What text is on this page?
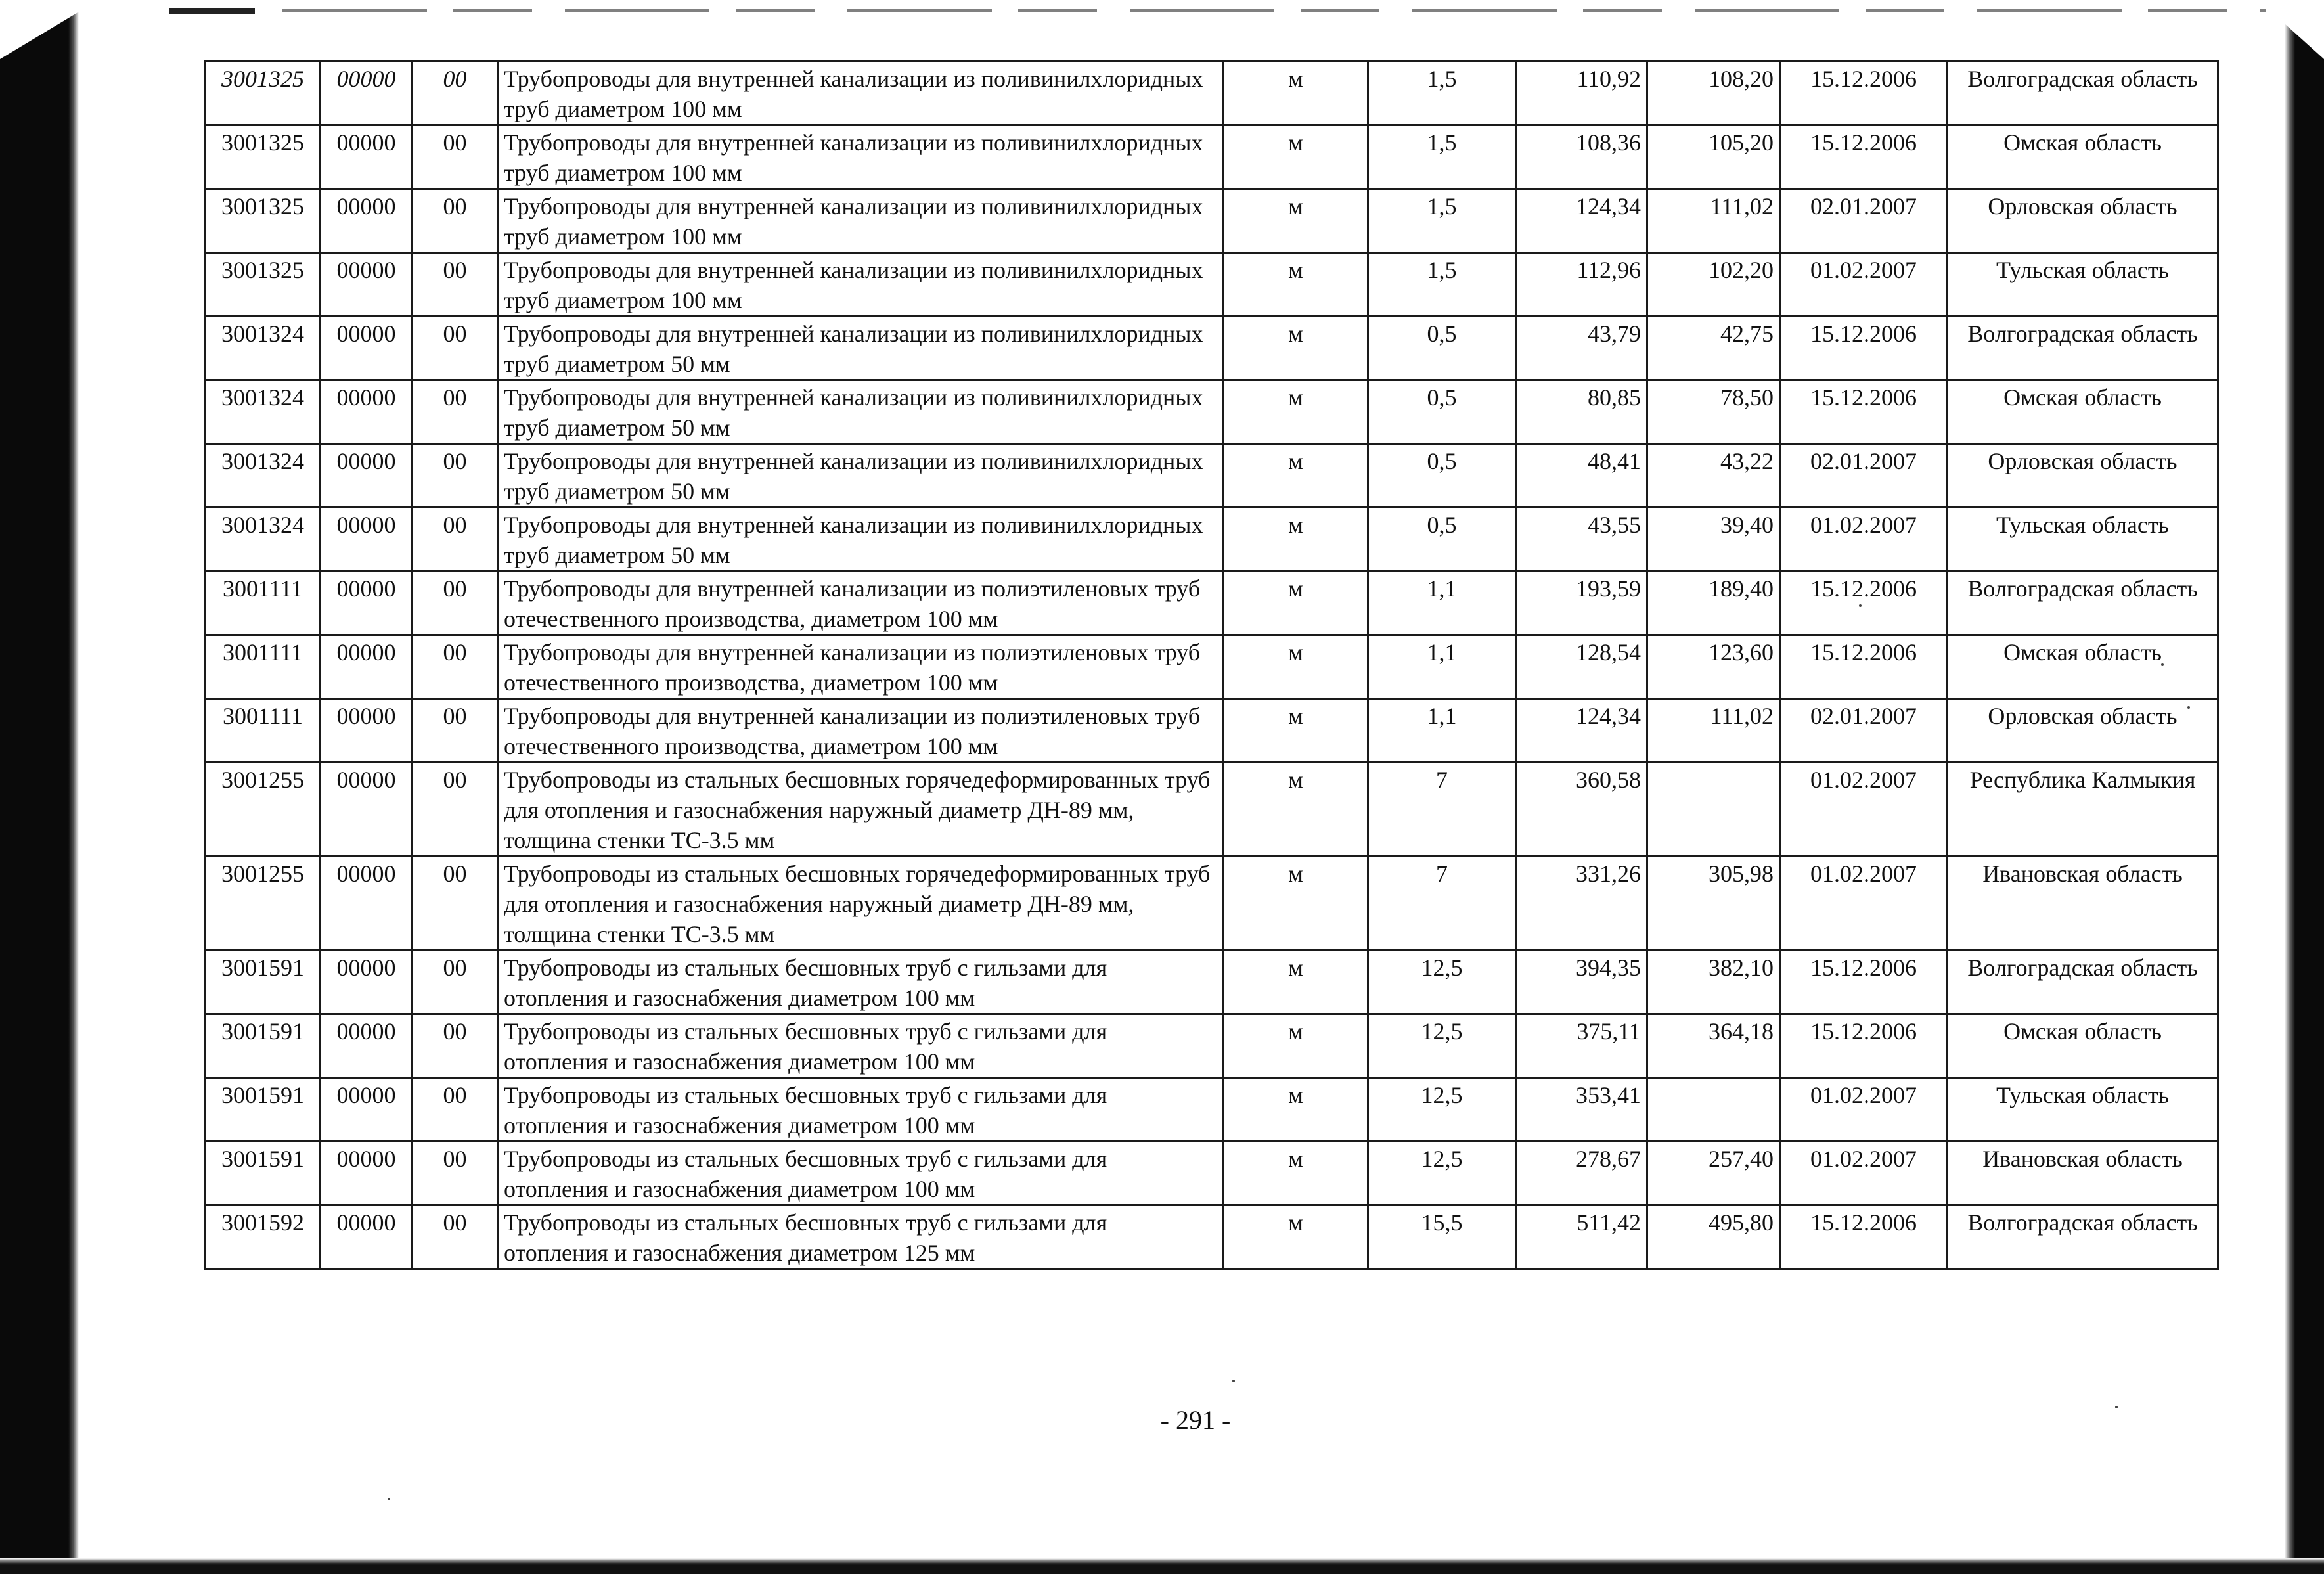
3001325	00000	00	Трубопроводы для внутренней канализации из поливинилхлоридных труб диаметром 100 мм	м	1,5	110,92	108,20	15.12.2006	Волгоградская область
3001325	00000	00	Трубопроводы для внутренней канализации из поливинилхлоридных труб диаметром 100 мм	м	1,5	108,36	105,20	15.12.2006	Омская область
3001325	00000	00	Трубопроводы для внутренней канализации из поливинилхлоридных труб диаметром 100 мм	м	1,5	124,34	111,02	02.01.2007	Орловская область
3001325	00000	00	Трубопроводы для внутренней канализации из поливинилхлоридных труб диаметром 100 мм	м	1,5	112,96	102,20	01.02.2007	Тульская область
3001324	00000	00	Трубопроводы для внутренней канализации из поливинилхлоридных труб диаметром 50 мм	м	0,5	43,79	42,75	15.12.2006	Волгоградская область
3001324	00000	00	Трубопроводы для внутренней канализации из поливинилхлоридных труб диаметром 50 мм	м	0,5	80,85	78,50	15.12.2006	Омская область
3001324	00000	00	Трубопроводы для внутренней канализации из поливинилхлоридных труб диаметром 50 мм	м	0,5	48,41	43,22	02.01.2007	Орловская область
3001324	00000	00	Трубопроводы для внутренней канализации из поливинилхлоридных труб диаметром 50 мм	м	0,5	43,55	39,40	01.02.2007	Тульская область
3001111	00000	00	Трубопроводы для внутренней канализации из полиэтиленовых труб отечественного производства, диаметром 100 мм	м	1,1	193,59	189,40	15.12.2006	Волгоградская область
3001111	00000	00	Трубопроводы для внутренней канализации из полиэтиленовых труб отечественного производства, диаметром 100 мм	м	1,1	128,54	123,60	15.12.2006	Омская область
3001111	00000	00	Трубопроводы для внутренней канализации из полиэтиленовых труб отечественного производства, диаметром 100 мм	м	1,1	124,34	111,02	02.01.2007	Орловская область
3001255	00000	00	Трубопроводы из стальных бесшовных горячедеформированных труб для отопления и газоснабжения наружный диаметр ДН-89 мм, толщина стенки ТС-3.5 мм	м	7	360,58		01.02.2007	Республика Калмыкия
3001255	00000	00	Трубопроводы из стальных бесшовных горячедеформированных труб для отопления и газоснабжения наружный диаметр ДН-89 мм, толщина стенки ТС-3.5 мм	м	7	331,26	305,98	01.02.2007	Ивановская область
3001591	00000	00	Трубопроводы из стальных бесшовных труб с гильзами для отопления и газоснабжения диаметром 100 мм	м	12,5	394,35	382,10	15.12.2006	Волгоградская область
3001591	00000	00	Трубопроводы из стальных бесшовных труб с гильзами для отопления и газоснабжения диаметром 100 мм	м	12,5	375,11	364,18	15.12.2006	Омская область
3001591	00000	00	Трубопроводы из стальных бесшовных труб с гильзами для отопления и газоснабжения диаметром 100 мм	м	12,5	353,41		01.02.2007	Тульская область
3001591	00000	00	Трубопроводы из стальных бесшовных труб с гильзами для отопления и газоснабжения диаметром 100 мм	м	12,5	278,67	257,40	01.02.2007	Ивановская область
3001592	00000	00	Трубопроводы из стальных бесшовных труб с гильзами для отопления и газоснабжения диаметром 125 мм	м	15,5	511,42	495,80	15.12.2006	Волгоградская область
- 291 -
